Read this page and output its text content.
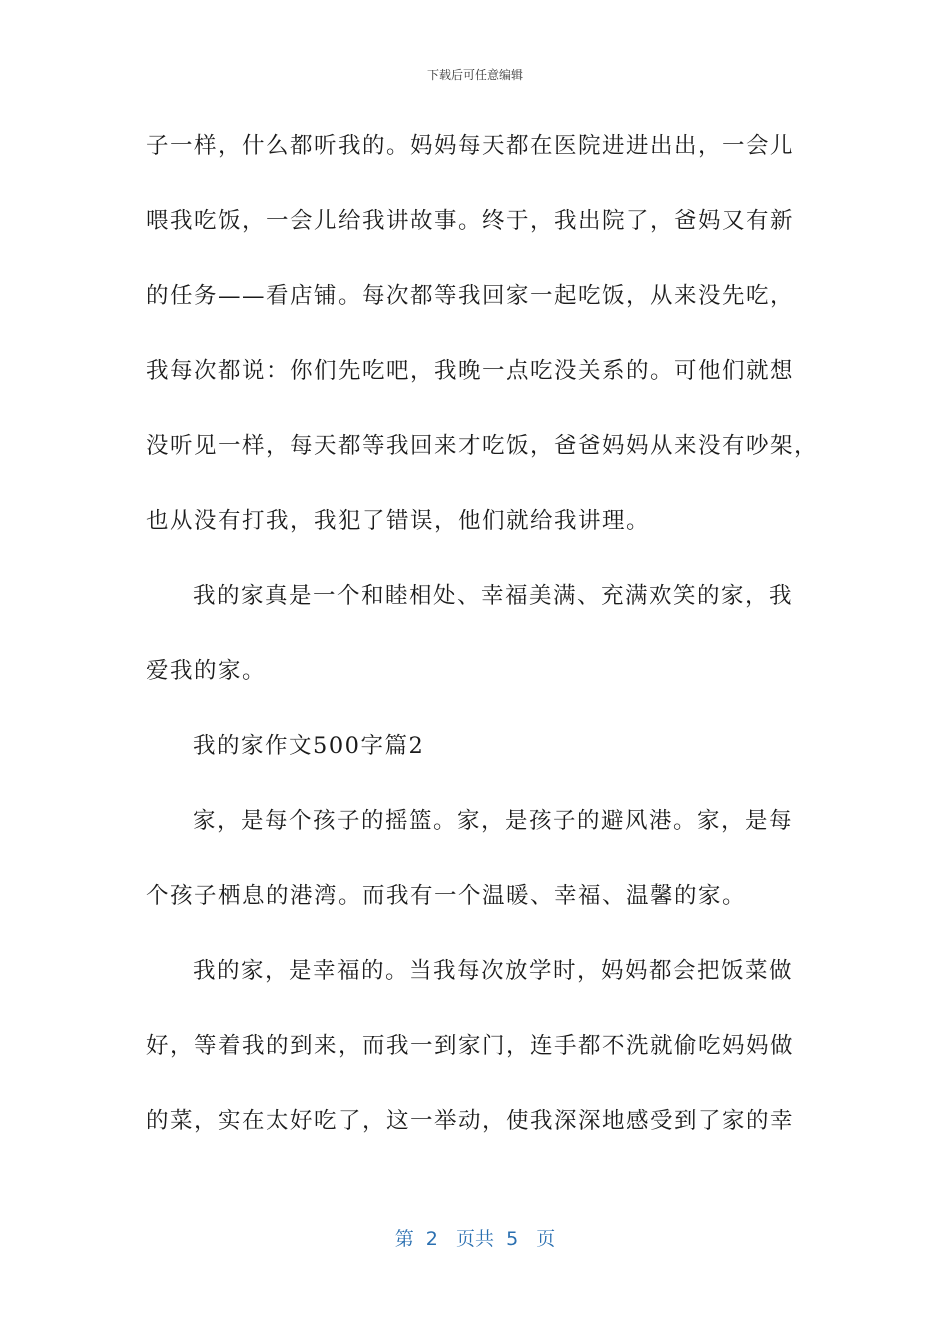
下载后可任意编辑
子一样，什么都听我的。妈妈每天都在医院进进出出，一会儿
喂我吃饭，一会儿给我讲故事。终于，我出院了，爸妈又有新
的任务——看店铺。每次都等我回家一起吃饭，从来没先吃，
我每次都说：你们先吃吧，我晚一点吃没关系的。可他们就想
没听见一样，每天都等我回来才吃饭，爸爸妈妈从来没有吵架，
也从没有打我，我犯了错误，他们就给我讲理。
我的家真是一个和睦相处、幸福美满、充满欢笑的家，我
爱我的家。
我的家作文500字篇2
家，是每个孩子的摇篮。家，是孩子的避风港。家，是每
个孩子栖息的港湾。而我有一个温暖、幸福、温馨的家。
我的家，是幸福的。当我每次放学时，妈妈都会把饭菜做
好，等着我的到来，而我一到家门，连手都不洗就偷吃妈妈做
的菜，实在太好吃了，这一举动，使我深深地感受到了家的幸
第  2   页共  5   页
